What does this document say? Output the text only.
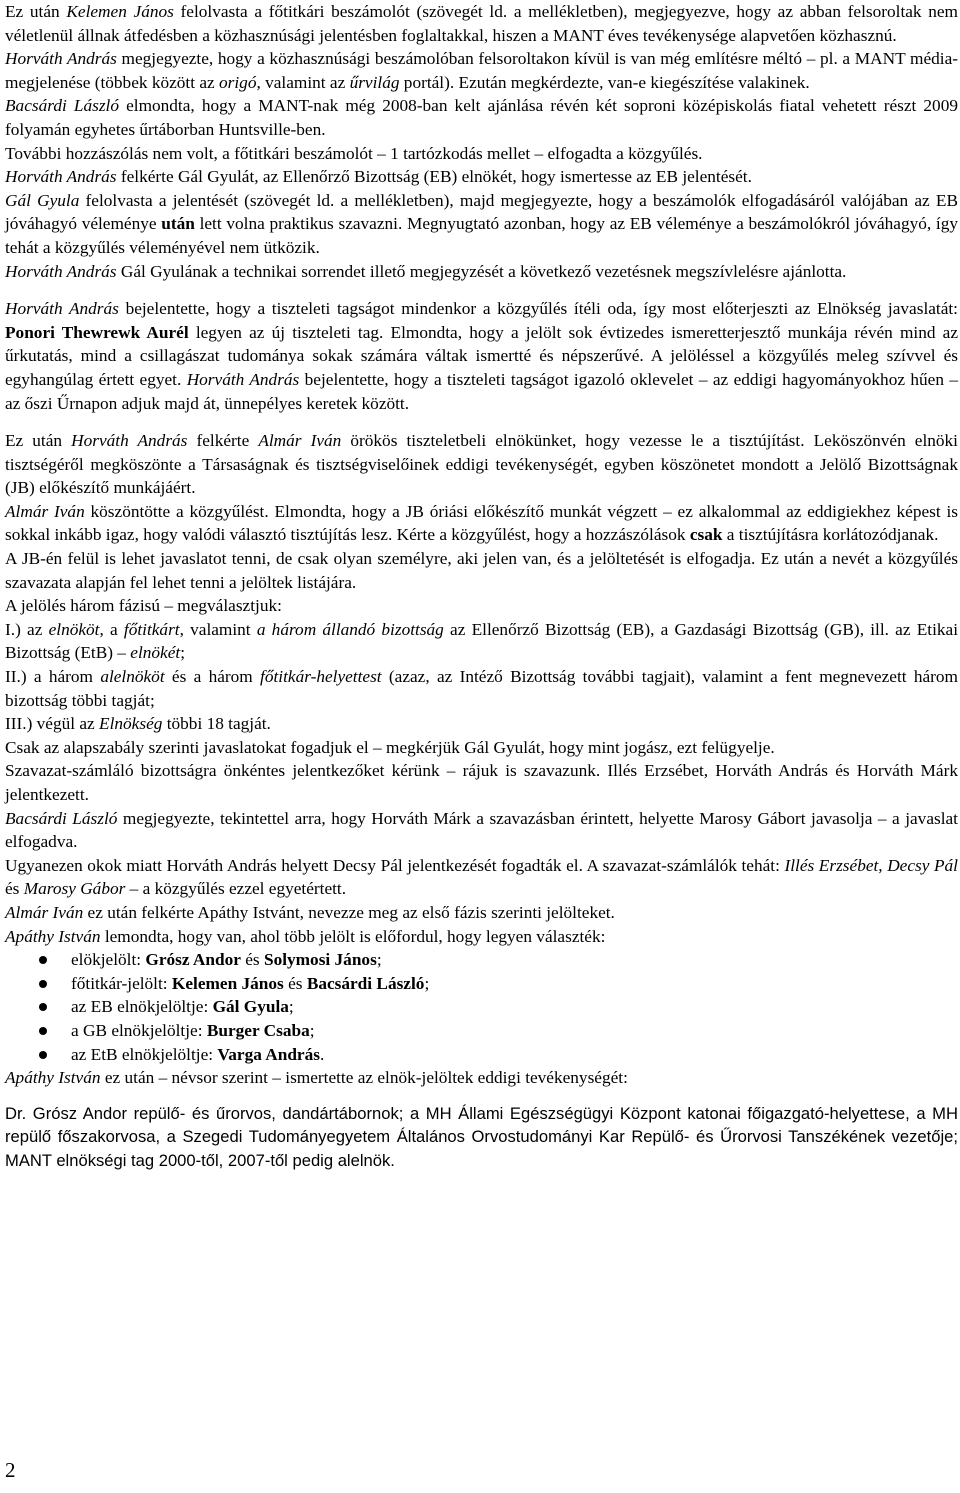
Ez után Kelemen János felolvasta a főtitkári beszámolót (szövegét ld. a mellékletben), megjegyezve, hogy az abban felsoroltak nem véletlenül állnak átfedésben a közhasznúsági jelentésben foglaltakkal, hiszen a MANT éves tevékenysége alapvetően közhasznú.

Horváth András megjegyezte, hogy a közhasznúsági beszámolóban felsoroltakon kívül is van még említésre méltó – pl. a MANT média-megjelenése (többek között az origó, valamint az űrvilág portál). Ezután megkérdezte, van-e kiegészítése valakinek.

Bacsárdi László elmondta, hogy a MANT-nak még 2008-ban kelt ajánlása révén két soproni középiskolás fiatal vehetett részt 2009 folyamán egyhetes űrtáborban Huntsville-ben.

További hozzászólás nem volt, a főtitkári beszámolót – 1 tartózkodás mellet – elfogadta a közgyűlés.

Horváth András felkérte Gál Gyulát, az Ellenőrző Bizottság (EB) elnökét, hogy ismertesse az EB jelentését.

Gál Gyula felolvasta a jelentését (szövegét ld. a mellékletben), majd megjegyezte, hogy a beszámolók elfogadásáról valójában az EB jóváhagyó véleménye után lett volna praktikus szavazni. Megnyugtató azonban, hogy az EB véleménye a beszámolókról jóváhagyó, így tehát a közgyűlés véleményével nem ütközik.

Horváth András Gál Gyulának a technikai sorrendet illető megjegyzését a következő vezetésnek megszívlelésre ajánlotta.

Horváth András bejelentette, hogy a tiszteleti tagságot mindenkor a közgyűlés ítéli oda, így most előterjeszti az Elnökség javaslatát: Ponori Thewrewk Aurél legyen az új tiszteleti tag. Elmondta, hogy a jelölt sok évtizedes ismeretterjesztő munkája révén mind az űrkutatás, mind a csillagászat tudománya sokak számára váltak ismertté és népszerűvé. A jelöléssel a közgyűlés meleg szívvel és egyhangúlag értett egyet. Horváth András bejelentette, hogy a tiszteleti tagságot igazoló oklevelet – az eddigi hagyományokhoz hűen – az őszi Űrnapon adjuk majd át, ünnepélyes keretek között.

Ez után Horváth András felkérte Almár Iván örökös tiszteletbeli elnökünket, hogy vezesse le a tisztújítást. Leköszönvén elnöki tisztségéről megköszönte a Társaságnak és tisztségviselőinek eddigi tevékenységét, egyben köszönetet mondott a Jelölő Bizottságnak (JB) előkészítő munkájáért.

Almár Iván köszöntötte a közgyűlést. Elmondta, hogy a JB óriási előkészítő munkát végzett – ez alkalommal az eddigiekhez képest is sokkal inkább igaz, hogy valódi választó tisztújítás lesz. Kérte a közgyűlést, hogy a hozzászólások csak a tisztújításra korlátozódjanak.

A JB-én felül is lehet javaslatot tenni, de csak olyan személyre, aki jelen van, és a jelöltetését is elfogadja. Ez után a nevét a közgyűlés szavazata alapján fel lehet tenni a jelöltek listájára.

A jelölés három fázisú – megválasztjuk:

I.) az elnököt, a főtitkárt, valamint a három állandó bizottság az Ellenőrző Bizottság (EB), a Gazdasági Bizottság (GB), ill. az Etikai Bizottság (EtB) – elnökét;

II.) a három alelnököt és a három főtitkár-helyettest (azaz, az Intéző Bizottság további tagjait), valamint a fent megnevezett három bizottság többi tagját;

III.) végül az Elnökség többi 18 tagját.

Csak az alapszabály szerinti javaslatokat fogadjuk el – megkérjük Gál Gyulát, hogy mint jogász, ezt felügyelje.

Szavazat-számláló bizottságra önkéntes jelentkezőket kérünk – rájuk is szavazunk. Illés Erzsébet, Horváth András és Horváth Márk jelentkezett.

Bacsárdi László megjegyezte, tekintettel arra, hogy Horváth Márk a szavazásban érintett, helyette Marosy Gábort javasolja – a javaslat elfogadva.

Ugyanezen okok miatt Horváth András helyett Decsy Pál jelentkezését fogadták el. A szavazat-számlálók tehát: Illés Erzsébet, Decsy Pál és Marosy Gábor – a közgyűlés ezzel egyetértett.

Almár Iván ez után felkérte Apáthy Istvánt, nevezze meg az első fázis szerinti jelölteket.

Apáthy István lemondta, hogy van, ahol több jelölt is előfordul, hogy legyen választék:

elökjelölt: Grósz Andor és Solymosi János;
főtitkár-jelölt: Kelemen János és Bacsárdi László;
az EB elnökjelöltje: Gál Gyula;
a GB elnökjelöltje: Burger Csaba;
az EtB elnökjelöltje: Varga András.

Apáthy István ez után – névsor szerint – ismertette az elnök-jelöltek eddigi tevékenységét:

Dr. Grósz Andor repülő- és űrorvos, dandártábornok; a MH Állami Egészségügyi Központ katonai főigazgató-helyettese, a MH repülő főszakorvosa, a Szegedi Tudományegyetem Általános Orvostudományi Kar Repülő- és Űrorvosi Tanszékének vezetője; MANT elnökségi tag 2000-től, 2007-től pedig alelnök.

2
